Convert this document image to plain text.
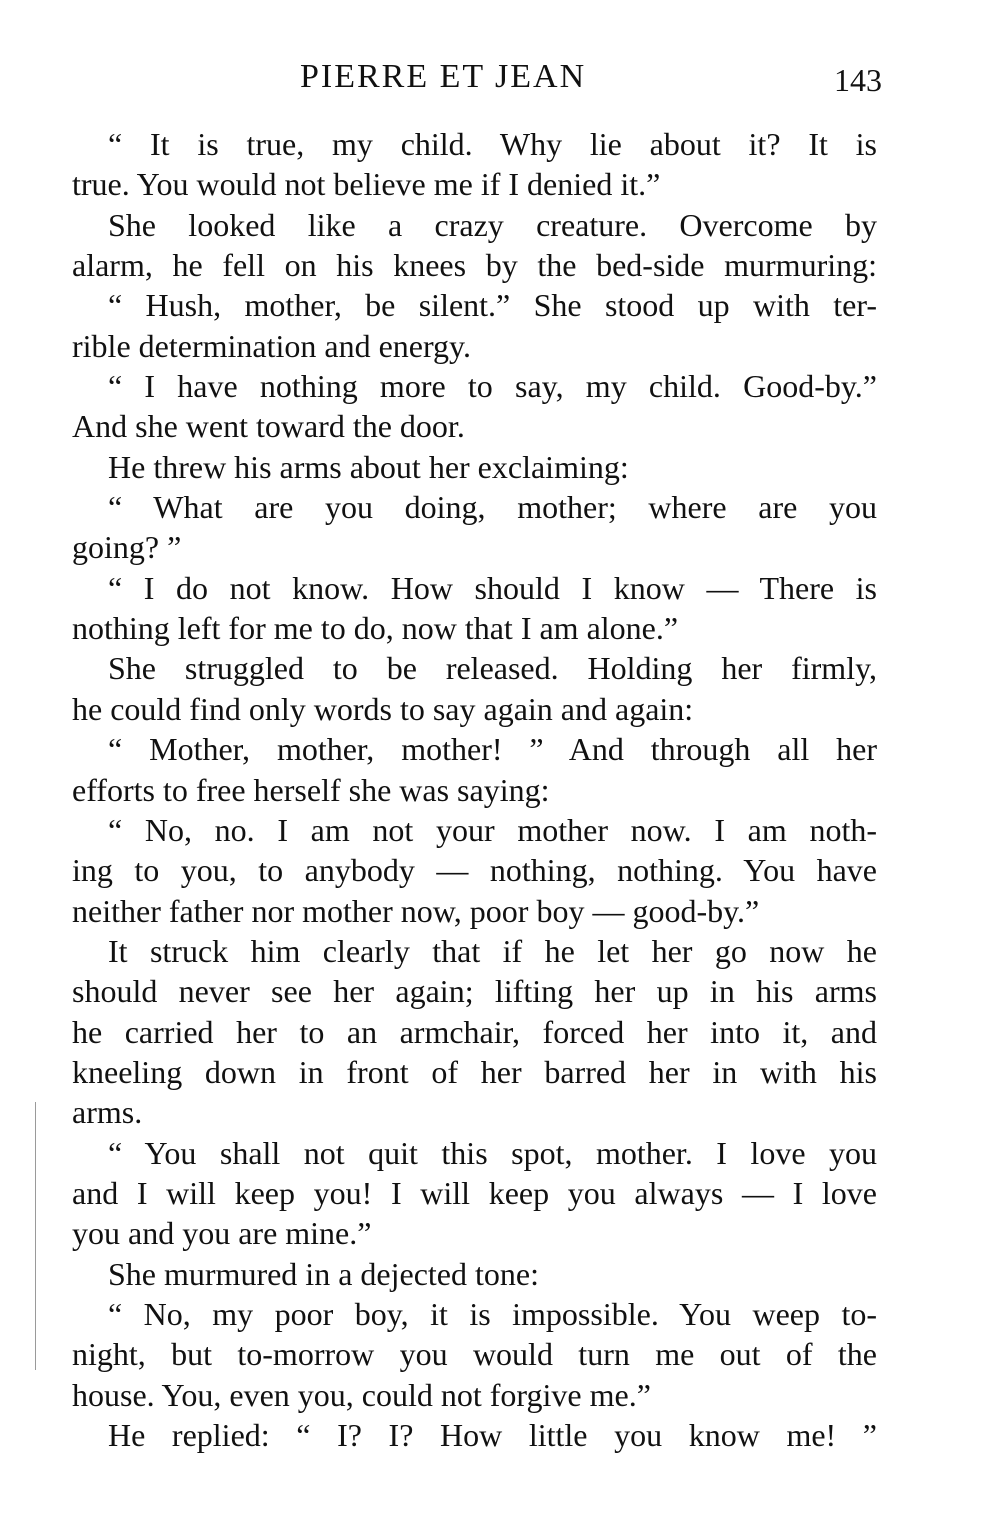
PIERRE ET JEAN	143
“ It is true, my child. Why lie about it? It is
true. You would not believe me if I denied it.”
She looked like a crazy creature. Overcome by
alarm, he fell on his knees by the bed-side murmuring:
“ Hush, mother, be silent.” She stood up with ter-
rible determination and energy.
“ I have nothing more to say, my child. Good-by.”
And she went toward the door.
He threw his arms about her exclaiming:
“ What are you doing, mother; where are you
going? ”
“ I do not know. How should I know — There is
nothing left for me to do, now that I am alone.”
She struggled to be released. Holding her firmly,
he could find only words to say again and again:
“ Mother, mother, mother! ” And through all her
efforts to free herself she was saying:
“ No, no. I am not your mother now. I am noth-
ing to you, to anybody — nothing, nothing. You have
neither father nor mother now, poor boy — good-by.”
It struck him clearly that if he let her go now he
should never see her again; lifting her up in his arms
he carried her to an armchair, forced her into it, and
kneeling down in front of her barred her in with his
arms.
“ You shall not quit this spot, mother. I love you
and I will keep you! I will keep you always — I love
you and you are mine.”
She murmured in a dejected tone:
“ No, my poor boy, it is impossible. You weep to-
night, but to-morrow you would turn me out of the
house. You, even you, could not forgive me.”
He replied: “ I? I? How little you know me! ”
